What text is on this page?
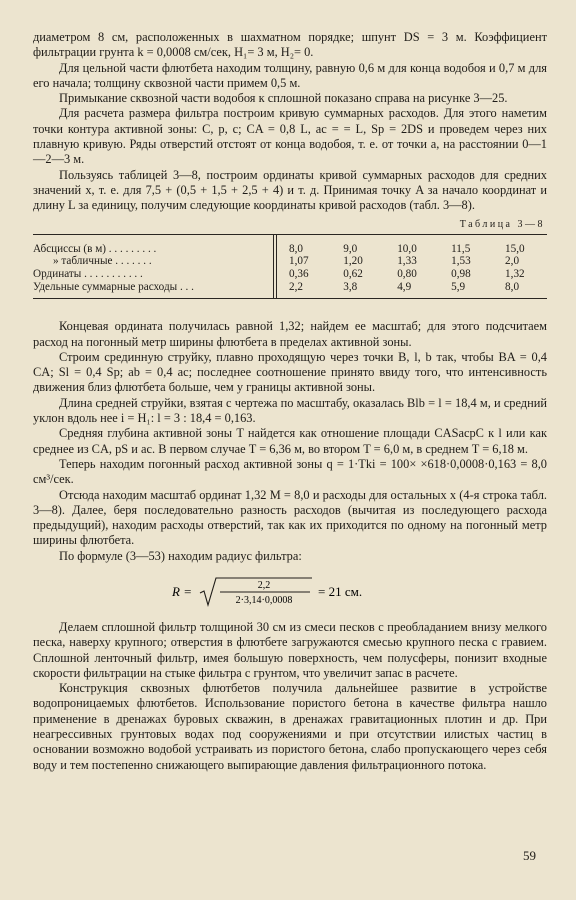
диаметром 8 см, расположенных в шахматном порядке; шпунт DS = 3 м. Коэффициент фильтрации грунта k = 0,0008 см/сек, H₁= 3 м, H₂= 0.

Для цельной части флютбета находим толщину, равную 0,6 м для конца водобоя и 0,7 м для его начала; толщину сквозной части примем 0,5 м.

Примыкание сквозной части водобоя к сплошной показано справа на рисунке 3—25.

Для расчета размера фильтра построим кривую суммарных расходов. Для этого наметим точки контура активной зоны: C, p, c; CA = 0,8 L, ac = = L, Sp = 2DS и проведем через них плавную кривую. Ряды отверстий отстоят от конца водобоя, т. е. от точки a, на расстоянии 0—1—2—3 м.

Пользуясь таблицей 3—8, построим ординаты кривой суммарных расходов для средних значений x, т. е. для 7,5 + (0,5 + 1,5 + 2,5 + 4) и т. д. Принимая точку A за начало координат и длину L за единицу, получим следующие координаты кривой расходов (табл. 3—8).

Таблица 3—8
Абсциссы (в м) . . . . . . . . .		8,0	9,0	10,0	11,5	15,0
» табличные . . . . . . .		1,07	1,20	1,33	1,53	2,0
Ординаты . . . . . . . . . . .		0,36	0,62	0,80	0,98	1,32
Удельные суммарные расходы . . .		2,2	3,8	4,9	5,9	8,0

Концевая ордината получилась равной 1,32; найдем ее масштаб; для этого подсчитаем расход на погонный метр ширины флютбета в пределах активной зоны.

Строим срединную струйку, плавно проходящую через точки B, l, b так, чтобы BA = 0,4 CA; Sl = 0,4 Sp; ab = 0,4 ac; последнее соотношение принято ввиду того, что интенсивность движения близ флютбета больше, чем у границы активной зоны.

Длина средней струйки, взятая с чертежа по масштабу, оказалась Blb = l = 18,4 м, и средний уклон вдоль нее i = H₁: l = 3 : 18,4 = 0,163.

Средняя глубина активной зоны T найдется как отношение площади CASacpC к l или как среднее из CA, pS и ac. В первом случае T = 6,36 м, во втором T = 6,0 м, в среднем T = 6,18 м.

Теперь находим погонный расход активной зоны q = 1·Tki = 100× ×618·0,0008·0,163 = 8,0 см³/сек.

Отсюда находим масштаб ординат 1,32 M = 8,0 и расходы для остальных x (4-я строка табл. 3—8). Далее, беря последовательно разность расходов (вычитая из последующего расхода предыдущий), находим расходы отверстий, так как их приходится по одному на погонный метр ширины флютбета.

По формуле (3—53) находим радиус фильтра:

R =	2,2
2·3,14·0,0008
= 21 см.

Делаем сплошной фильтр толщиной 30 см из смеси песков с преобладанием внизу мелкого песка, наверху крупного; отверстия в флютбете загружаются смесью крупного песка с гравием. Сплошной ленточный фильтр, имея большую поверхность, чем полусферы, понизит входные скорости фильтрации на стыке фильтра с грунтом, что увеличит запас в расчете.

Конструкция сквозных флютбетов получила дальнейшее развитие в устройстве водопроницаемых флютбетов. Использование пористого бетона в качестве фильтра нашло применение в дренажах буровых скважин, в дренажах гравитационных плотин и др. При неагрессивных грунтовых водах под сооружениями и при отсутствии илистых частиц в основании возможно водобой устраивать из пористого бетона, слабо пропускающего через себя воду и тем постепенно снижающего выпирающие давления фильтрационного потока.

59
